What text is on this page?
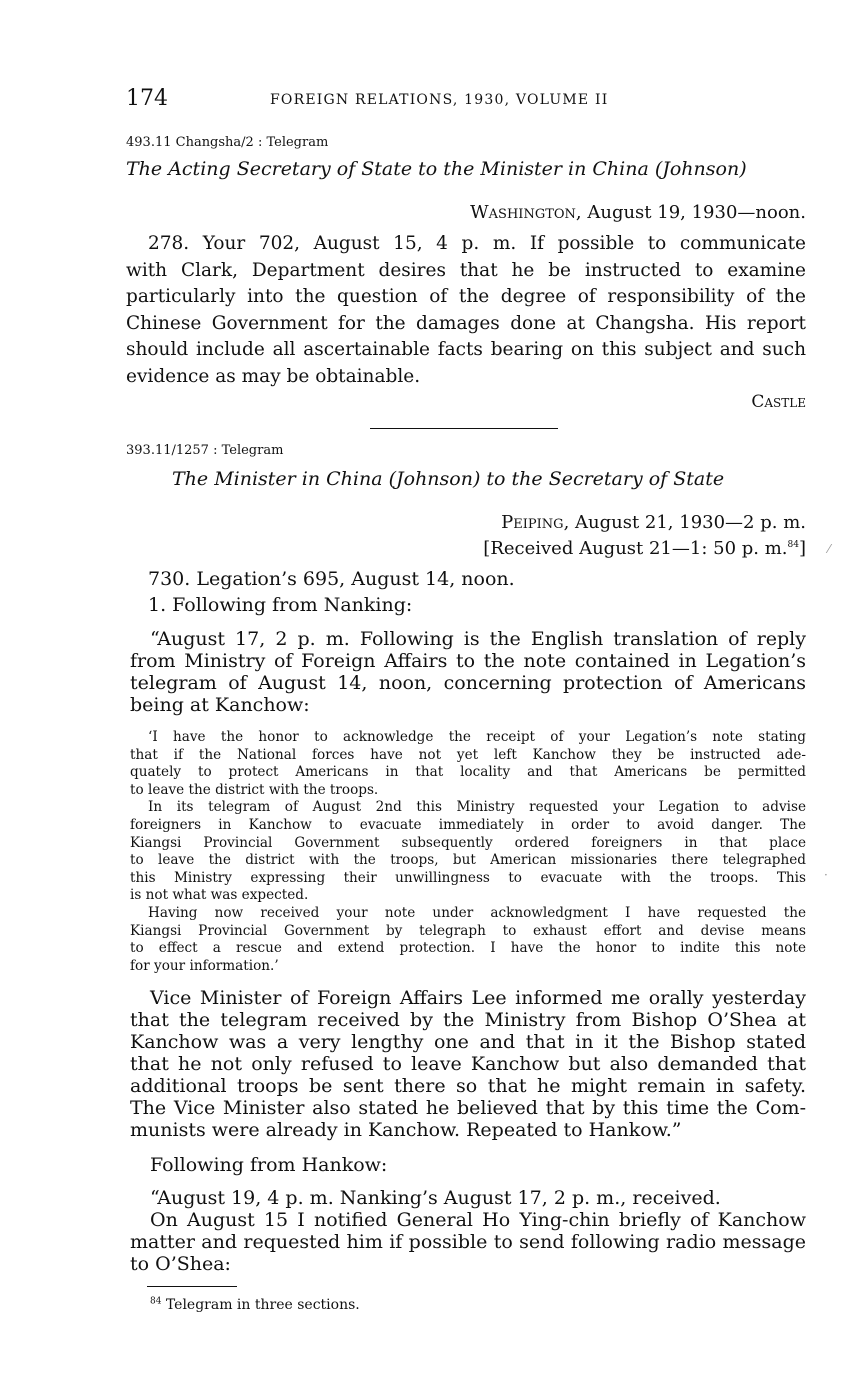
174	FOREIGN RELATIONS, 1930, VOLUME II
493.11 Changsha/2 : Telegram
The Acting Secretary of State to the Minister in China (Johnson)
Washington, August 19, 1930—noon.
278. Your 702, August 15, 4 p. m. If possible to communicate
with Clark, Department desires that he be instructed to examine
particularly into the question of the degree of responsibility of the
Chinese Government for the damages done at Changsha. His report
should include all ascertainable facts bearing on this subject and such
evidence as may be obtainable.
Castle
393.11/1257 : Telegram
The Minister in China (Johnson) to the Secretary of State
Peiping, August 21, 1930—2 p. m.
[Received August 21—1: 50 p. m.$^{84}$] ⁄
730. Legation’s 695, August 14, noon.
1. Following from Nanking:
“August 17, 2 p. m. Following is the English translation of reply
from Ministry of Foreign Affairs to the note contained in Legation’s
telegram of August 14, noon, concerning protection of Americans
being at Kanchow:
‘I have the honor to acknowledge the receipt of your Legation’s note stating
that if the National forces have not yet left Kanchow they be instructed ade-
quately to protect Americans in that locality and that Americans be permitted
to leave the district with the troops.
In its telegram of August 2nd this Ministry requested your Legation to advise
foreigners in Kanchow to evacuate immediately in order to avoid danger. The
Kiangsi Provincial Government subsequently ordered foreigners in that place
to leave the district with the troops, but American missionaries there telegraphed
this Ministry expressing their unwillingness to evacuate with the troops. This
is not what was expected.
Having now received your note under acknowledgment I have requested the
Kiangsi Provincial Government by telegraph to exhaust effort and devise means
to effect a rescue and extend protection. I have the honor to indite this note
for your information.’
·
Vice Minister of Foreign Affairs Lee informed me orally yesterday
that the telegram received by the Ministry from Bishop O’Shea at
Kanchow was a very lengthy one and that in it the Bishop stated
that he not only refused to leave Kanchow but also demanded that
additional troops be sent there so that he might remain in safety.
The Vice Minister also stated he believed that by this time the Com-
munists were already in Kanchow. Repeated to Hankow.”
Following from Hankow:
“August 19, 4 p. m. Nanking’s August 17, 2 p. m., received.
On August 15 I notified General Ho Ying-chin briefly of Kanchow
matter and requested him if possible to send following radio message
to O’Shea:
$^{84}$ Telegram in three sections.
